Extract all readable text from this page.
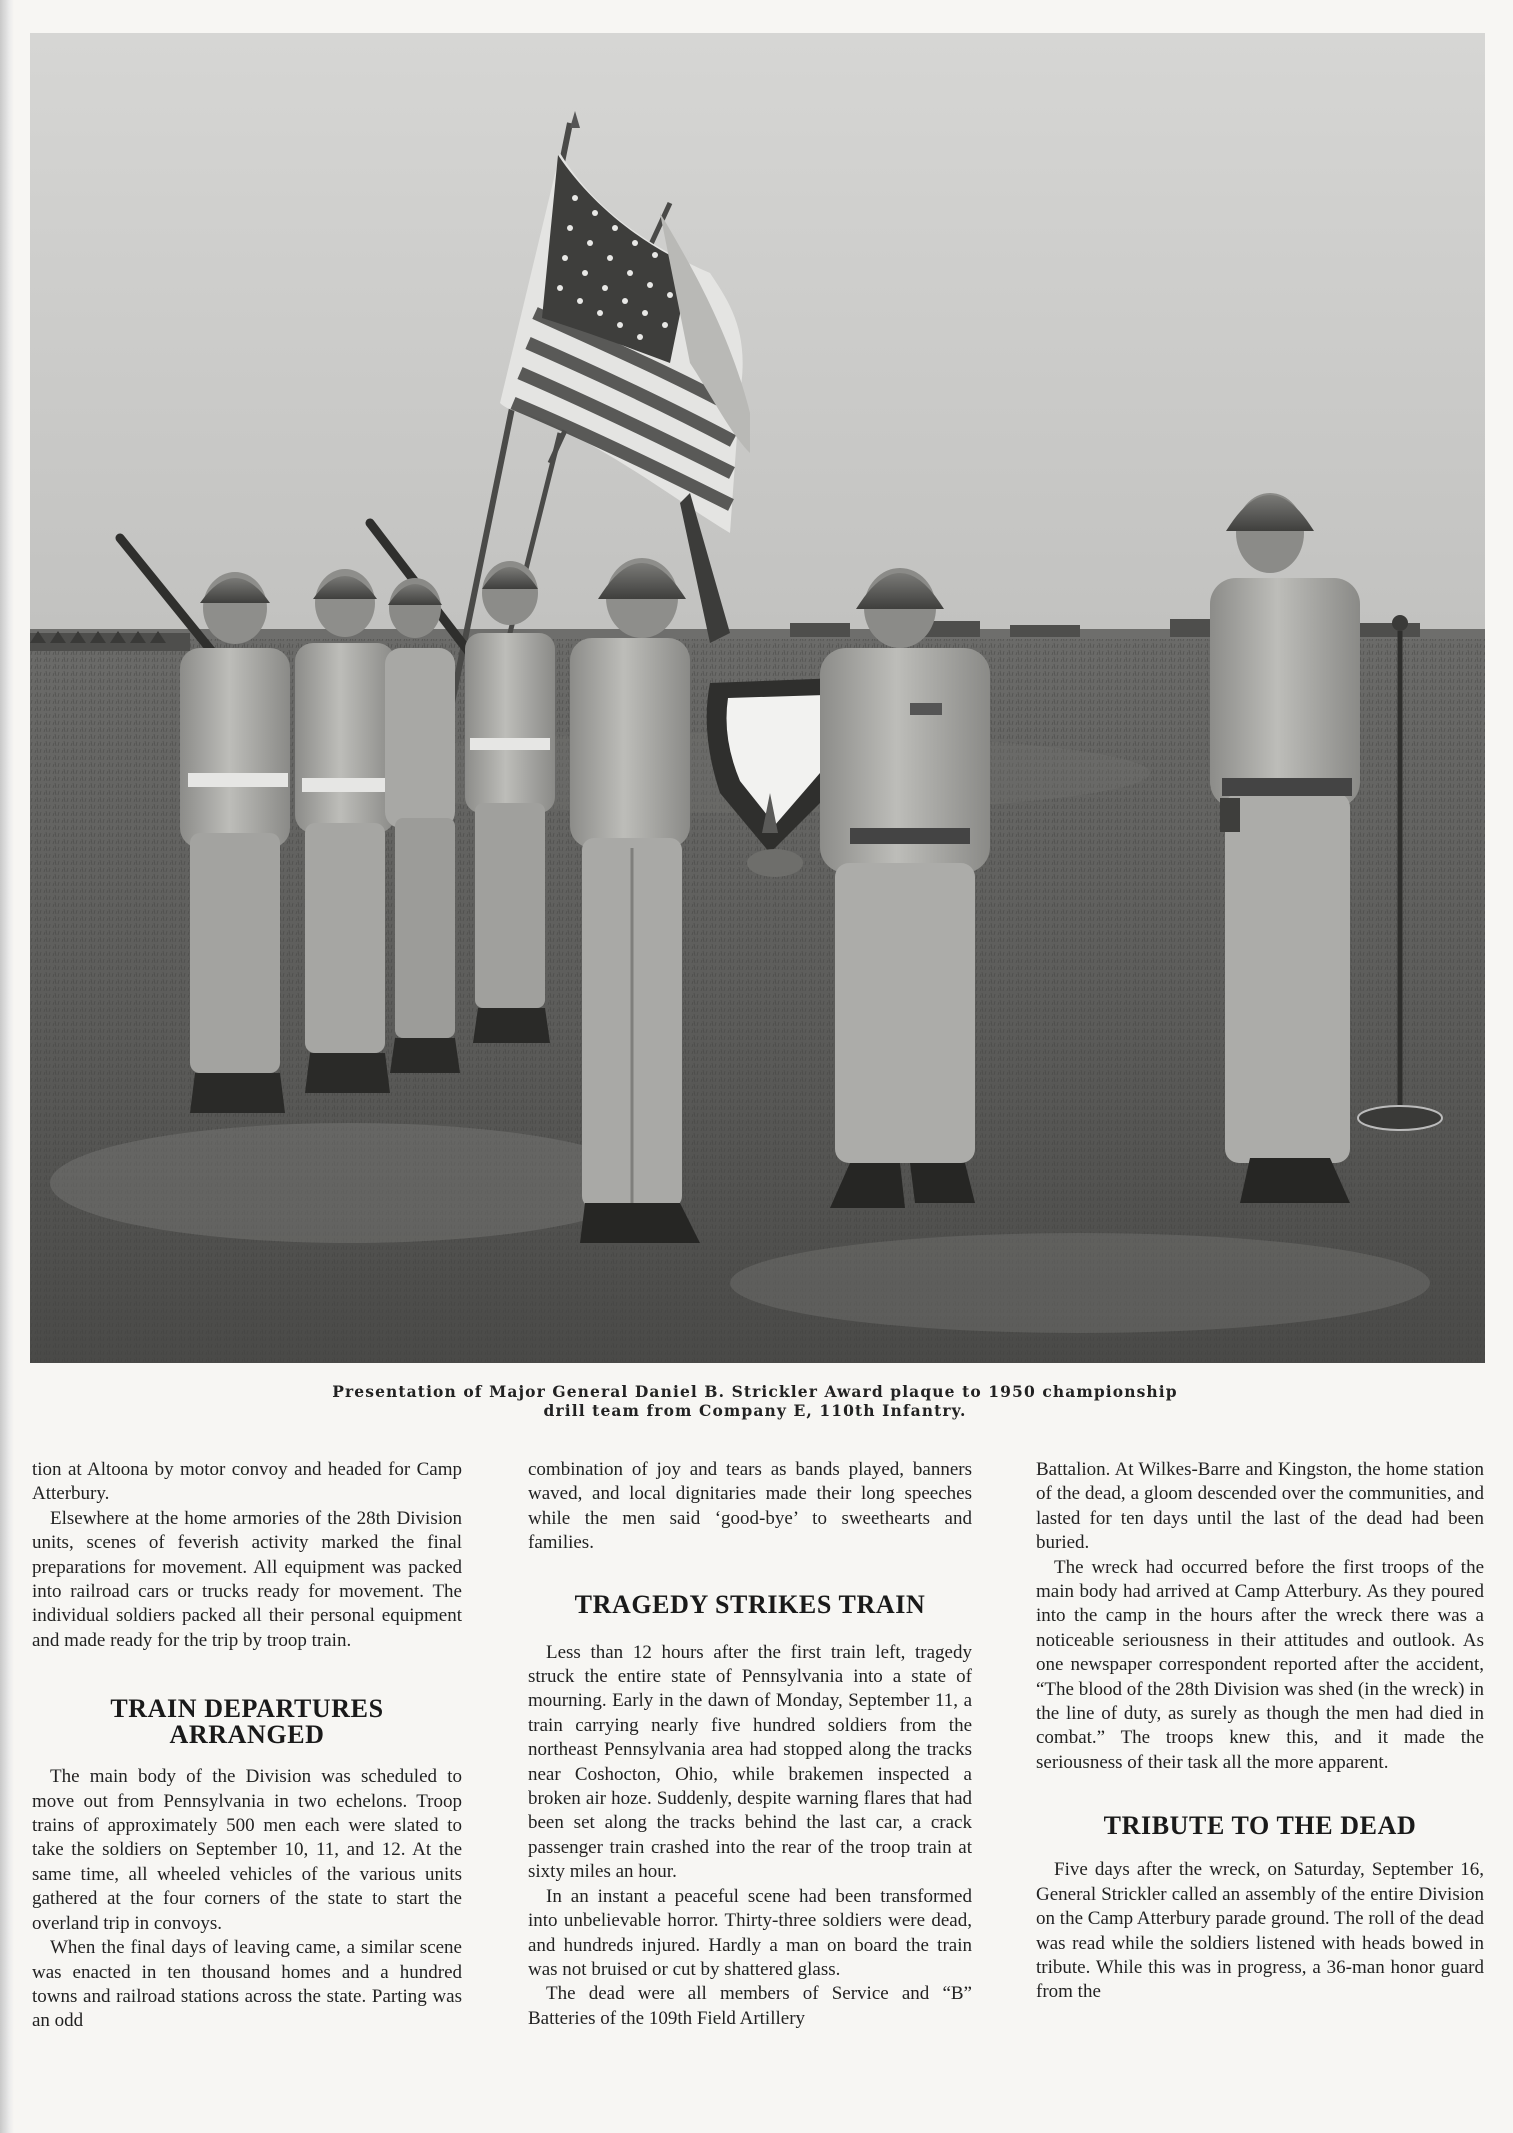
Presentation of Major General Daniel B. Strickler Award plaque to 1950 championship
drill team from Company E, 110th Infantry.

tion at Altoona by motor convoy and headed for Camp Atterbury.

Elsewhere at the home armories of the 28th Division units, scenes of feverish activity marked the final preparations for movement. All equipment was packed into railroad cars or trucks ready for movement. The individual soldiers packed all their personal equipment and made ready for the trip by troop train.

TRAIN DEPARTURES ARRANGED

The main body of the Division was scheduled to move out from Pennsylvania in two echelons. Troop trains of approximately 500 men each were slated to take the soldiers on September 10, 11, and 12. At the same time, all wheeled vehicles of the various units gathered at the four corners of the state to start the overland trip in convoys.

When the final days of leaving came, a similar scene was enacted in ten thousand homes and a hundred towns and railroad stations across the state. Parting was an odd

combination of joy and tears as bands played, banners waved, and local dignitaries made their long speeches while the men said ‘good-bye’ to sweethearts and families.

TRAGEDY STRIKES TRAIN

Less than 12 hours after the first train left, tragedy struck the entire state of Pennsylvania into a state of mourning. Early in the dawn of Monday, September 11, a train carrying nearly five hundred soldiers from the northeast Pennsylvania area had stopped along the tracks near Coshocton, Ohio, while brakemen inspected a broken air hoze. Suddenly, despite warning flares that had been set along the tracks behind the last car, a crack passenger train crashed into the rear of the troop train at sixty miles an hour.

In an instant a peaceful scene had been transformed into unbelievable horror. Thirty-three soldiers were dead, and hundreds injured. Hardly a man on board the train was not bruised or cut by shattered glass.

The dead were all members of Service and “B” Batteries of the 109th Field Artillery

Battalion. At Wilkes-Barre and Kingston, the home station of the dead, a gloom descended over the communities, and lasted for ten days until the last of the dead had been buried.

The wreck had occurred before the first troops of the main body had arrived at Camp Atterbury. As they poured into the camp in the hours after the wreck there was a noticeable seriousness in their attitudes and outlook. As one newspaper correspondent reported after the accident, “The blood of the 28th Division was shed (in the wreck) in the line of duty, as surely as though the men had died in combat.” The troops knew this, and it made the seriousness of their task all the more apparent.

TRIBUTE TO THE DEAD

Five days after the wreck, on Saturday, September 16, General Strickler called an assembly of the entire Division on the Camp Atterbury parade ground. The roll of the dead was read while the soldiers listened with heads bowed in tribute. While this was in progress, a 36-man honor guard from the
